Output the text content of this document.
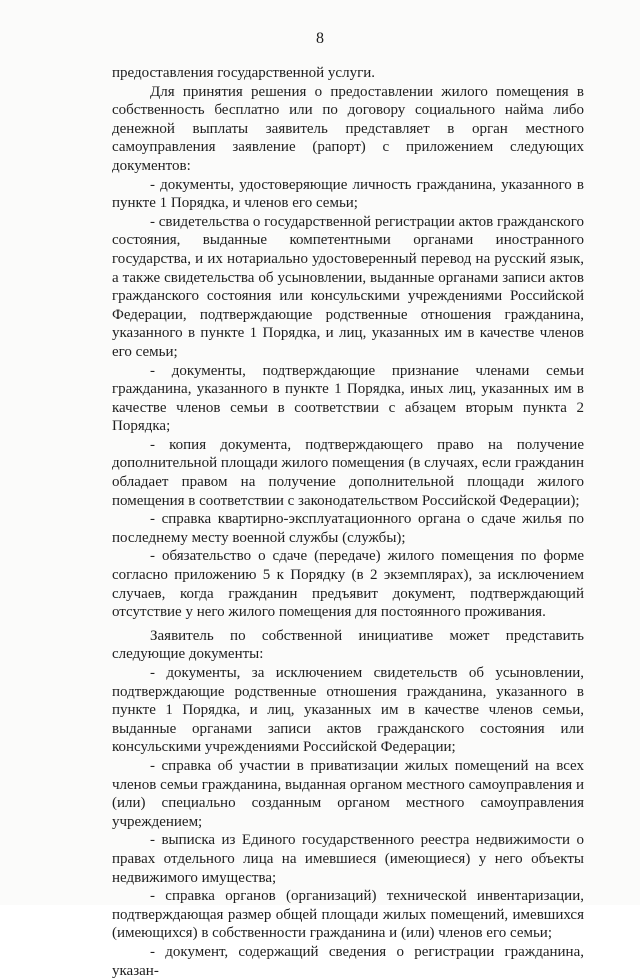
8

предоставления государственной услуги.

Для принятия решения о предоставлении жилого помещения в собственность бесплатно или по договору социального найма либо денежной выплаты заявитель представляет в орган местного самоуправления заявление (рапорт) с приложением следующих документов:

- документы, удостоверяющие личность гражданина, указанного в пункте 1 Порядка, и членов его семьи;

- свидетельства о государственной регистрации актов гражданского состояния, выданные компетентными органами иностранного государства, и их нотариально удостоверенный перевод на русский язык, а также свидетельства об усыновлении, выданные органами записи актов гражданского состояния или консульскими учреждениями Российской Федерации, подтверждающие родственные отношения гражданина, указанного в пункте 1 Порядка, и лиц, указанных им в качестве членов его семьи;

- документы, подтверждающие признание членами семьи гражданина, указанного в пункте 1 Порядка, иных лиц, указанных им в качестве членов семьи в соответствии с абзацем вторым пункта 2 Порядка;

- копия документа, подтверждающего право на получение дополнительной площади жилого помещения (в случаях, если гражданин обладает правом на получение дополнительной площади жилого помещения в соответствии с законодательством Российской Федерации);

- справка квартирно-эксплуатационного органа о сдаче жилья по последнему месту военной службы (службы);

- обязательство о сдаче (передаче) жилого помещения по форме согласно приложению 5 к Порядку (в 2 экземплярах), за исключением случаев, когда гражданин предъявит документ, подтверждающий отсутствие у него жилого помещения для постоянного проживания.

Заявитель по собственной инициативе может представить следующие документы:

- документы, за исключением свидетельств об усыновлении, подтверждающие родственные отношения гражданина, указанного в пункте 1 Порядка, и лиц, указанных им в качестве членов семьи, выданные органами записи актов гражданского состояния или консульскими учреждениями Российской Федерации;

- справка об участии в приватизации жилых помещений на всех членов семьи гражданина, выданная органом местного самоуправления и (или) специально созданным органом местного самоуправления учреждением;

- выписка из Единого государственного реестра недвижимости о правах отдельного лица на имевшиеся (имеющиеся) у него объекты недвижимого имущества;

- справка органов (организаций) технической инвентаризации, подтверждающая размер общей площади жилых помещений, имевшихся (имеющихся) в собственности гражданина и (или) членов его семьи;

- документ, содержащий сведения о регистрации гражданина, указан-
